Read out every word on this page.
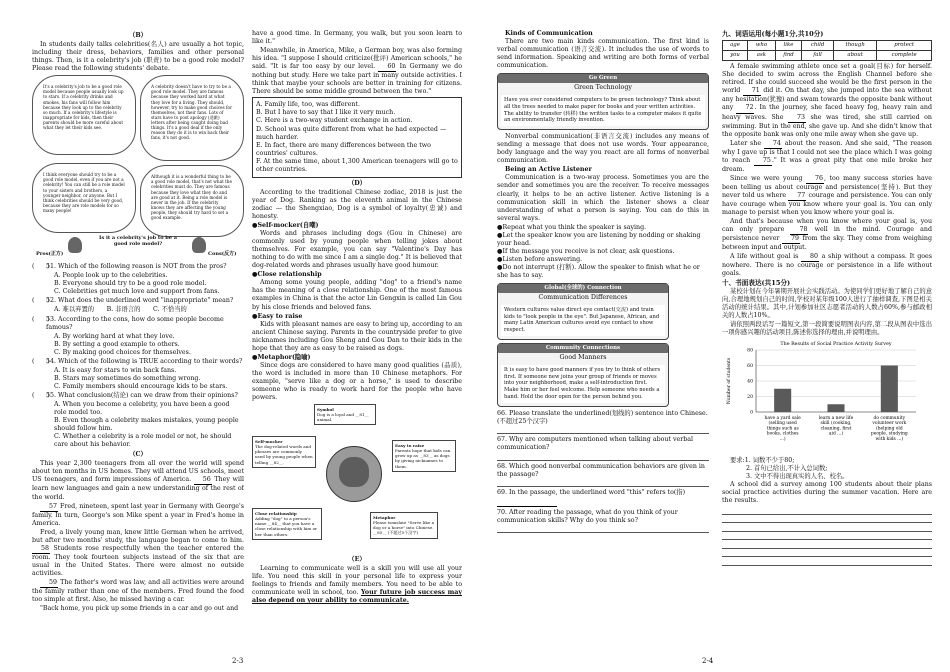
（B）

In students daily talks celebrities(名人) are usually a hot topic, including their dress, behaviors, families and other personal things. Then, is it a celebrity's job (职责) to be a good role model? Please read the following students' debate.

It's a celebrity's job to be a good role model because people usually look up to stars. If a celebrity drinks and smokes, his fans will follow him because they look up to the celebrity so much. If a celebrity's lifestyle is inappropriate for kids, then their parents should be more careful about what they let their kids see.
A celebrity doesn't have to try to be a good role model. They are famous because they worked hard at what they love for a living. They should, however, try to make good choices for themselves, not their fans. Lots of stars have to post apology (道歉) letters after being caught doing bad things. It's a good deal if the only reason they do it is to win back their fans, it's not good.
I think everyone should try to be a good role model, even if you are not a celebrity! You can still be a role model to your sisters and brothers, a younger neighbor, or anyone. But I think celebrities should be very good, because they are role models for so many people!
Although it is a wonderful thing to be a good role model, that's not what the celebrities must do. They are famous because they love what they do and are good at it. Being a role model is never in the job. If the celebrity knows they are affecting the young people, they should try hard to set a good example.
Is it a celebrity's job to be a good role model?
Pros(正方)	Cons(反方)
(　　)
51. Which of the following reason is NOT from the pros?
A. People look up to the celebrities.
B. Everyone should try to be a good role model.
C. Celebrities get much love and support from fans.
(　　)
52. What does the underlined word "inappropriate" mean?
A. 难以弃置的　　B. 非语言的　　C. 不恰当的
(　　)
53. According to the cons, how do some people become famous?
A. By working hard at what they love.
B. By setting a good example to others.
C. By making good choices for themselves.
(　　)
54. Which of the following is TRUE according to their words?
A. It is easy for stars to win back fans.
B. Stars may sometimes do something wrong.
C. Family members should encourage kids to be stars.
(　　)
55. What conclusion(结论) can we draw from their opinions?
A. When you become a celebrity, you have been a good role model too.
B. Even though a celebrity makes mistakes, young people should follow him.
C. Whether a celebrity is a role model or not, he should care about his behavior.
（C）

This year 2,300 teenagers from all over the world will spend about ten months in US homes. They will attend US schools, meet US teenagers, and form impressions of America. 56 They will learn new languages and gain a new understanding of the rest of the world.

57 Fred, nineteen, spent last year in Germany with George's family. In turn, George's son Mike spent a year in Fred's home in America.

Fred, a lively young man, knew little German when he arrived, but after two months' study, the language began to come to him. 58 Students rose respectfully when the teacher entered the room. They took fourteen subjects instead of the six that are usual in the United States. There were almost no outside activities.

59 The father's word was law, and all activities were around the family rather than one of the members. Fred found the food too simple at first. Also, he missed having a car.

"Back home, you pick up some friends in a car and go out and

have a good time. In Germany, you walk, but you soon learn to like it."

Meanwhile, in America, Mike, a German boy, was also forming his idea. "I suppose I should criticize(批评) American schools," he said. "It is far too easy by our level. 60 In Germany we do nothing but study. Here we take part in many outside activities. I think that maybe your schools are better in training for citizens. There should be some middle ground between the two."

A. Family life, too, was different.
B. But I have to say that I like it very much.
C. Here is a two-way student exchange in action.
D. School was quite different from what he had expected — much harder.
E. In fact, there are many differences between the two countries' cultures.
F. At the same time, about 1,300 American teenagers will go to other countries.
（D）

According to the traditional Chinese zodiac, 2018 is just the year of Dog. Ranking as the eleventh animal in the Chinese zodiac — the Shengxiao, Dog is a symbol of loyalty(忠诚) and honesty.

●Self-mocker(自嘲)

Words and phrases including dogs (Gou in Chinese) are commonly used by young people when telling jokes about themselves. For example, you can say "Valentine's Day has nothing to do with me since I am a single dog." It is believed that dog-related words and phrases usually have good humour.

●Close relationship

Among some young people, adding "dog" to a friend's name has the meaning of a close relationship. One of the most famous examples in China is that the actor Lin Gengxin is called Lin Gou by his close friends and beloved fans.

●Easy to raise

Kids with pleasant names are easy to bring up, according to an ancient Chinese saying. Parents in the countryside prefer to give nicknames including Gou Sheng and Gou Dan to their kids in the hope that they are as easy to be raised as dogs.

●Metaphor(隐喻)

Since dogs are considered to have many good qualities (品质), the word is included in more than 10 Chinese metaphors. For example, "serve like a dog or a horse," is used to describe someone who is ready to work hard for the people who have powers.

Symbol
Dog is a loyal and __81__ animal.
Self-mocker
The dog-related words and phrases are commonly used by young people when telling __82__.
Easy to raise
Parents hope that kids can grow up as __83__ as dogs by giving nicknames to them.
Close relationship
Adding "dog" to a person's name __84__ that you have a close relationship with him or her than others.
Metaphor
Please translate "Serve like a dog or a horse" into Chinese. __85__ (不超过5个汉字)
（E）

Learning to communicate well is a skill you will use all your life. You need this skill in your personal life to express your feelings to friends and family members. You need to be able to communicate well in school, too. Your future job success may also depend on your ability to communicate.

Kinds of Communication

There are two main kinds communication. The first kind is verbal communication (语言交流). It includes the use of words to send information. Speaking and writing are both forms of verbal communication.

Go Green
Green Technology
Have you ever considered computers to be green technology? Think about all the trees needed to make paper for books and your written activities. The ability to transfer (转移) the written tasks to a computer makes it quite an environmentally friendly invention.

Nonverbal communication(非语言交流) includes any means of sending a message that does not use words. Your appearance, body language and the way you react are all forms of nonverbal communication.

Being an Active Listener

Communication is a two-way process. Sometimes you are the sender and sometimes you are the receiver. To receive messages clearly, it helps to be an active listener. Active listening is a communication skill in which the listener shows a clear understanding of what a person is saying. You can do this in several ways.

●Repeat what you think the speaker is saying.
●Let the speaker know you are listening by nodding or shaking your head.
●If the message you receive is not clear, ask questions.
●Listen before answering.
●Do not interrupt (打断). Allow the speaker to finish what he or she has to say.
Global(全球的) Connection
Communication Differences
Western cultures value direct eye contact(交流) and train kids to "look people in the eye". But Japanese, African, and many Latin American cultures avoid eye contact to show respect.
Community Connections
Good Manners
It is easy to have good manners if you try to think of others first. If someone new joins your group of friends or moves into your neighborhood, make a self-introduction first. Make him or her feel welcome. Help someone who needs a hand. Hold the door open for the person behind you.
66. Please translate the underlined(划线的) sentence into Chinese.(不超过25个汉字)
67. Why are computers mentioned when talking about verbal communication?
68. Which good nonverbal communication behaviors are given in the passage?
69. In the passage, the underlined word "this" refers to(指)
70. After reading the passage, what do you think of your communication skills? Why do you think so?
九、词语运用(每小题1分,共10分)
age	who	like	child	though	protect
you	ask	find	fall	about	complete

A female swimming athlete once set a goal(目标) for herself. She decided to swim across the English Channel before she retired. If she could succeed she would be the first person in the world 71 did it. On that day, she jumped into the sea without any hesitation(犹豫) and swam towards the opposite bank without any 72. In the journey, she faced heavy fog, heavy rain and heavy waves. She 73 she was tired, she still carried on swimming. But in the end, she gave up. And she didn't know that the opposite bank was only one mile away when she gave up.

Later she 74 about the reason. And she said, "The reason why I gave up is that I could not see the place which I was going to reach 75." It was a great pity that one mile broke her dream.

Since we were young 76, too many success stories have been telling us about courage and persistence(坚持). But they never told us where 77 courage and persistence. You can only have courage when you know where your goal is. You can only manage to persist when you know where your goal is.

And that's because when you know where your goal is, you can only prepare 78 well in the mind. Courage and persistence never 79 from the sky. They come from weighing between input and output.

A life without goal is 80 a ship without a compass. It goes nowhere. There is no courage or persistence in a life without goals.

十、书面表达(共15分)

某校计划在今年暑期开展社会实践活动。为使同学们更好地了解自己的意向,合理地规划自己的时间,学校对某年级100人进行了抽样调查,下图是相关活动的统计结果。其中,计划参加社区志愿者活动的人数占60%,参与邮政相关的人数占10%。

请依照两段话写一篇短文,第一段简要说明图表内容,第二段从图表中选出一项你感兴趣的活动项目,陈述你选择的理由,并说明理由。

The Results of Social Practice Activity Survey
Number of students
0
20
40
60
80
have a yard sale (selling used things such as books, clothes ...)
learn a new life skill (cooking, cleaning, first aid ...)
do community volunteer work (helping old people, studying with kids ...)
要求:1. 词数不少于80;
2. 首句已给出,不计入总词数;
3. 文中不得出现真实的人名、校名。

A school did a survey among 100 students about their plans social practice activities during the summer vacation. Here are the results.

2-3	2-4
